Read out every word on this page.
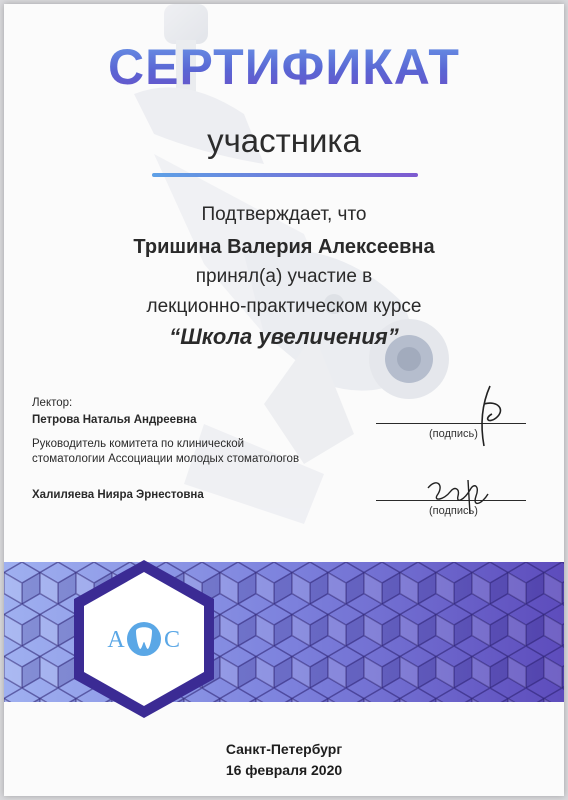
СЕРТИФИКАТ
участника
Подтверждает, что
Тришина Валерия Алексеевна
принял(а) участие в
лекционно-практическом курсе
“Школа увеличения”
Лектор:
Петрова Наталья Андреевна
Руководитель комитета по клинической стоматологии Ассоциации молодых стоматологов
Халиляева Нияра Эрнестовна
(подпись)
(подпись)
А С
Санкт-Петербург
16 февраля 2020
